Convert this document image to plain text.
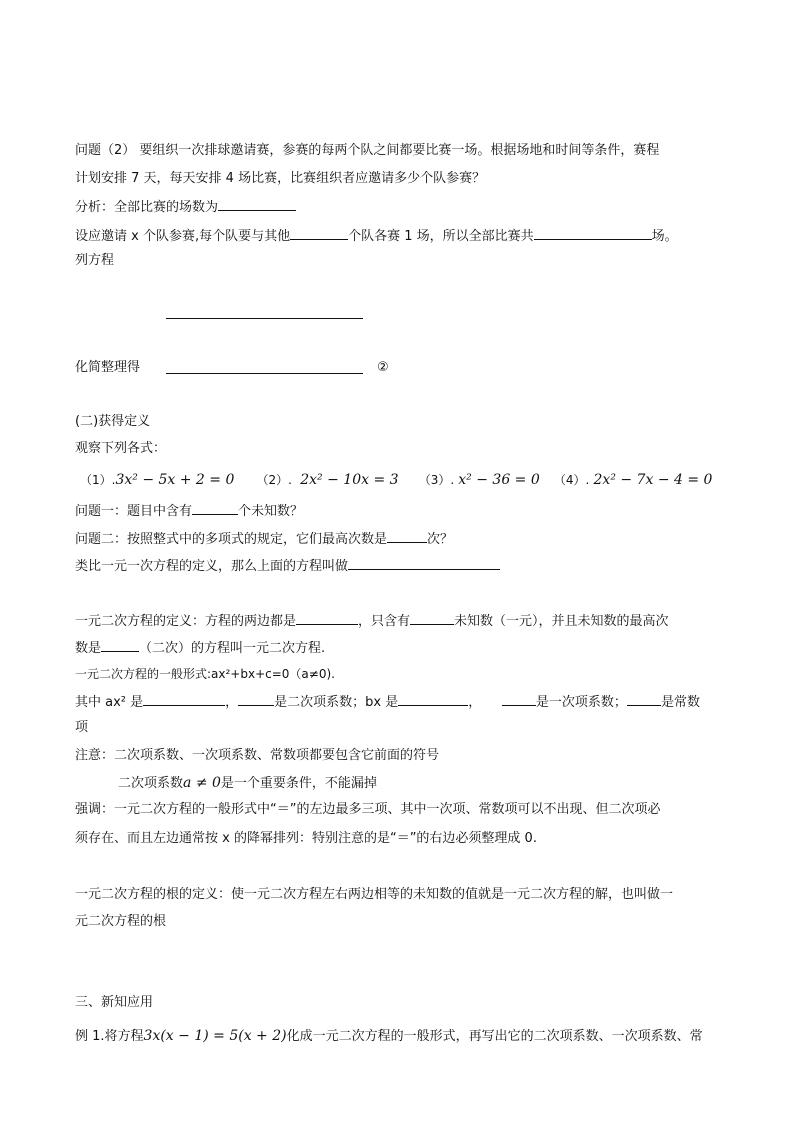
问题（2） 要组织一次排球邀请赛，参赛的每两个队之间都要比赛一场。根据场地和时间等条件，赛程
计划安排 7 天，每天安排 4 场比赛，比赛组织者应邀请多少个队参赛？
分析：全部比赛的场数为
设应邀请 x 个队参赛,每个队要与其他	个队各赛 1 场，所以全部比赛共	场。
列方程
化简整理得	②
(二)获得定义
观察下列各式：
（1）.3x² − 5x + 2 = 0 （2）. 2x² − 10x = 3 （3）. x² − 36 = 0 （4）. 2x² − 7x − 4 = 0
问题一：题目中含有	个未知数？
问题二：按照整式中的多项式的规定，它们最高次数是	次？
类比一元一次方程的定义，那么上面的方程叫做
一元二次方程的定义：方程的两边都是	，只含有	未知数（一元），并且未知数的最高次
数是	（二次）的方程叫一元二次方程.
一元二次方程的一般形式:ax²+bx+c=0（a≠0).
其中 ax² 是	，	是二次项系数；bx 是	，	是一次项系数；	是常数
项
注意：二次项系数、一次项系数、常数项都要包含它前面的符号
二次项系数a ≠ 0是一个重要条件，不能漏掉
强调：一元二次方程的一般形式中“＝”的左边最多三项、其中一次项、常数项可以不出现、但二次项必
须存在、而且左边通常按 x 的降幂排列：特别注意的是“＝”的右边必须整理成 0.
一元二次方程的根的定义：使一元二次方程左右两边相等的未知数的值就是一元二次方程的解，也叫做一
元二次方程的根
三、新知应用
例 1.将方程3x(x − 1) = 5(x + 2)化成一元二次方程的一般形式，再写出它的二次项系数、一次项系数、常
